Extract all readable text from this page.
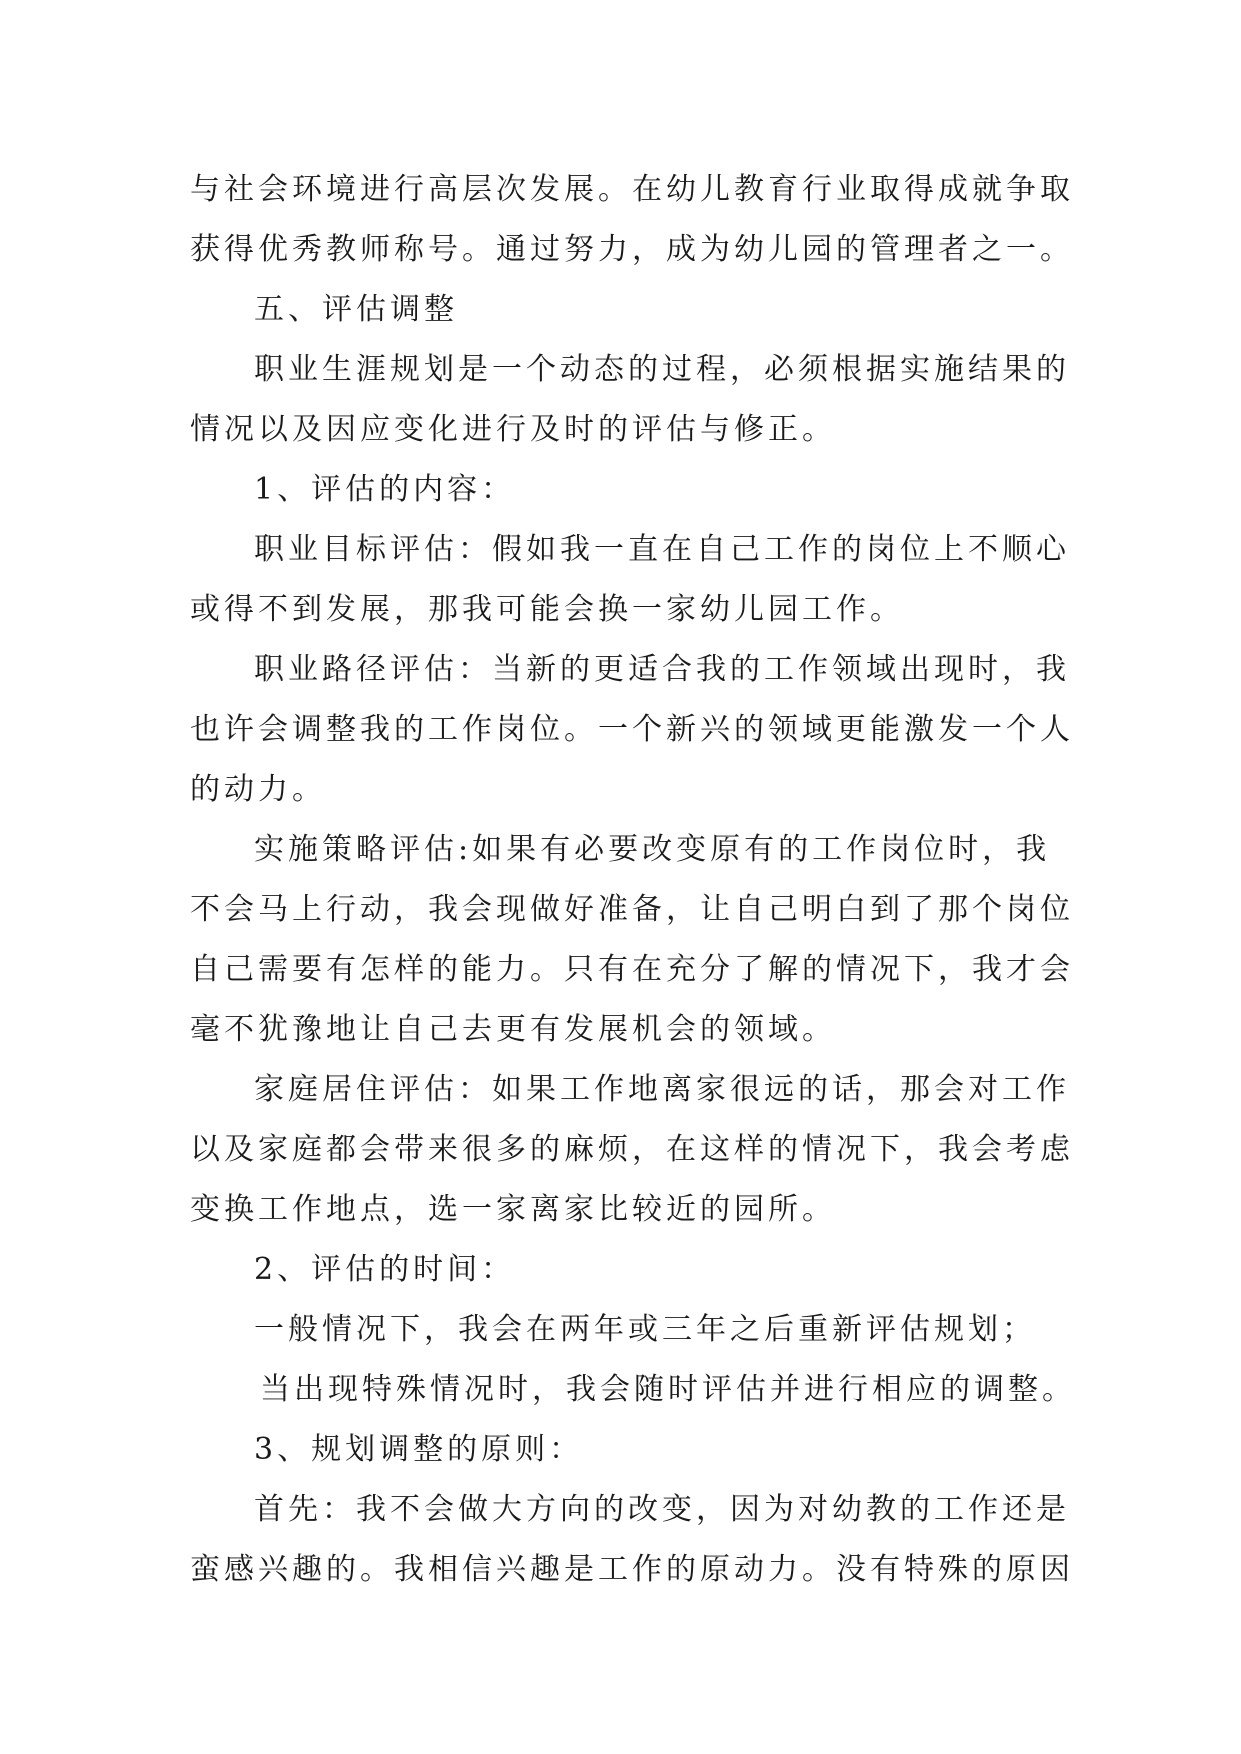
与社会环境进行高层次发展。在幼儿教育行业取得成就争取
获得优秀教师称号。通过努力，成为幼儿园的管理者之一。
五、评估调整
职业生涯规划是一个动态的过程，必须根据实施结果的
情况以及因应变化进行及时的评估与修正。
1、评估的内容：
职业目标评估：假如我一直在自己工作的岗位上不顺心
或得不到发展，那我可能会换一家幼儿园工作。
职业路径评估：当新的更适合我的工作领域出现时，我
也许会调整我的工作岗位。一个新兴的领域更能激发一个人
的动力。
实施策略评估:如果有必要改变原有的工作岗位时，我
不会马上行动，我会现做好准备，让自己明白到了那个岗位
自己需要有怎样的能力。只有在充分了解的情况下，我才会
毫不犹豫地让自己去更有发展机会的领域。
家庭居住评估：如果工作地离家很远的话，那会对工作
以及家庭都会带来很多的麻烦，在这样的情况下，我会考虑
变换工作地点，选一家离家比较近的园所。
2、评估的时间：
一般情况下，我会在两年或三年之后重新评估规划；
当出现特殊情况时，我会随时评估并进行相应的调整。
3、规划调整的原则：
首先：我不会做大方向的改变，因为对幼教的工作还是
蛮感兴趣的。我相信兴趣是工作的原动力。没有特殊的原因
